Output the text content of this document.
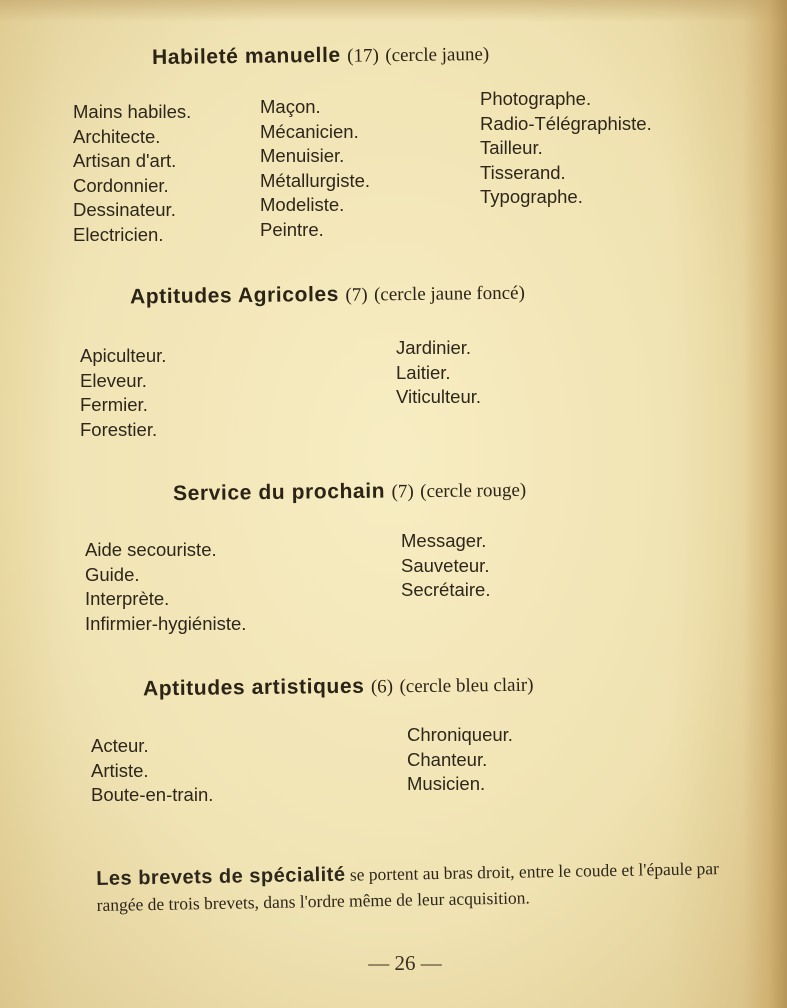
Habileté manuelle (17) (cercle jaune)
Mains habiles.
Architecte.
Artisan d'art.
Cordonnier.
Dessinateur.
Electricien.
Maçon.
Mécanicien.
Menuisier.
Métallurgiste.
Modeliste.
Peintre.
Photographe.
Radio-Télégraphiste.
Tailleur.
Tisserand.
Typographe.
Aptitudes Agricoles (7) (cercle jaune foncé)
Apiculteur.
Eleveur.
Fermier.
Forestier.
Jardinier.
Laitier.
Viticulteur.
Service du prochain (7) (cercle rouge)
Aide secouriste.
Guide.
Interprète.
Infirmier-hygiéniste.
Messager.
Sauveteur.
Secrétaire.
Aptitudes artistiques (6) (cercle bleu clair)
Acteur.
Artiste.
Boute-en-train.
Chroniqueur.
Chanteur.
Musicien.

Les brevets de spécialité se portent au bras droit, entre le coude et l'épaule par rangée de trois brevets, dans l'ordre même de leur acquisition.

— 26 —
